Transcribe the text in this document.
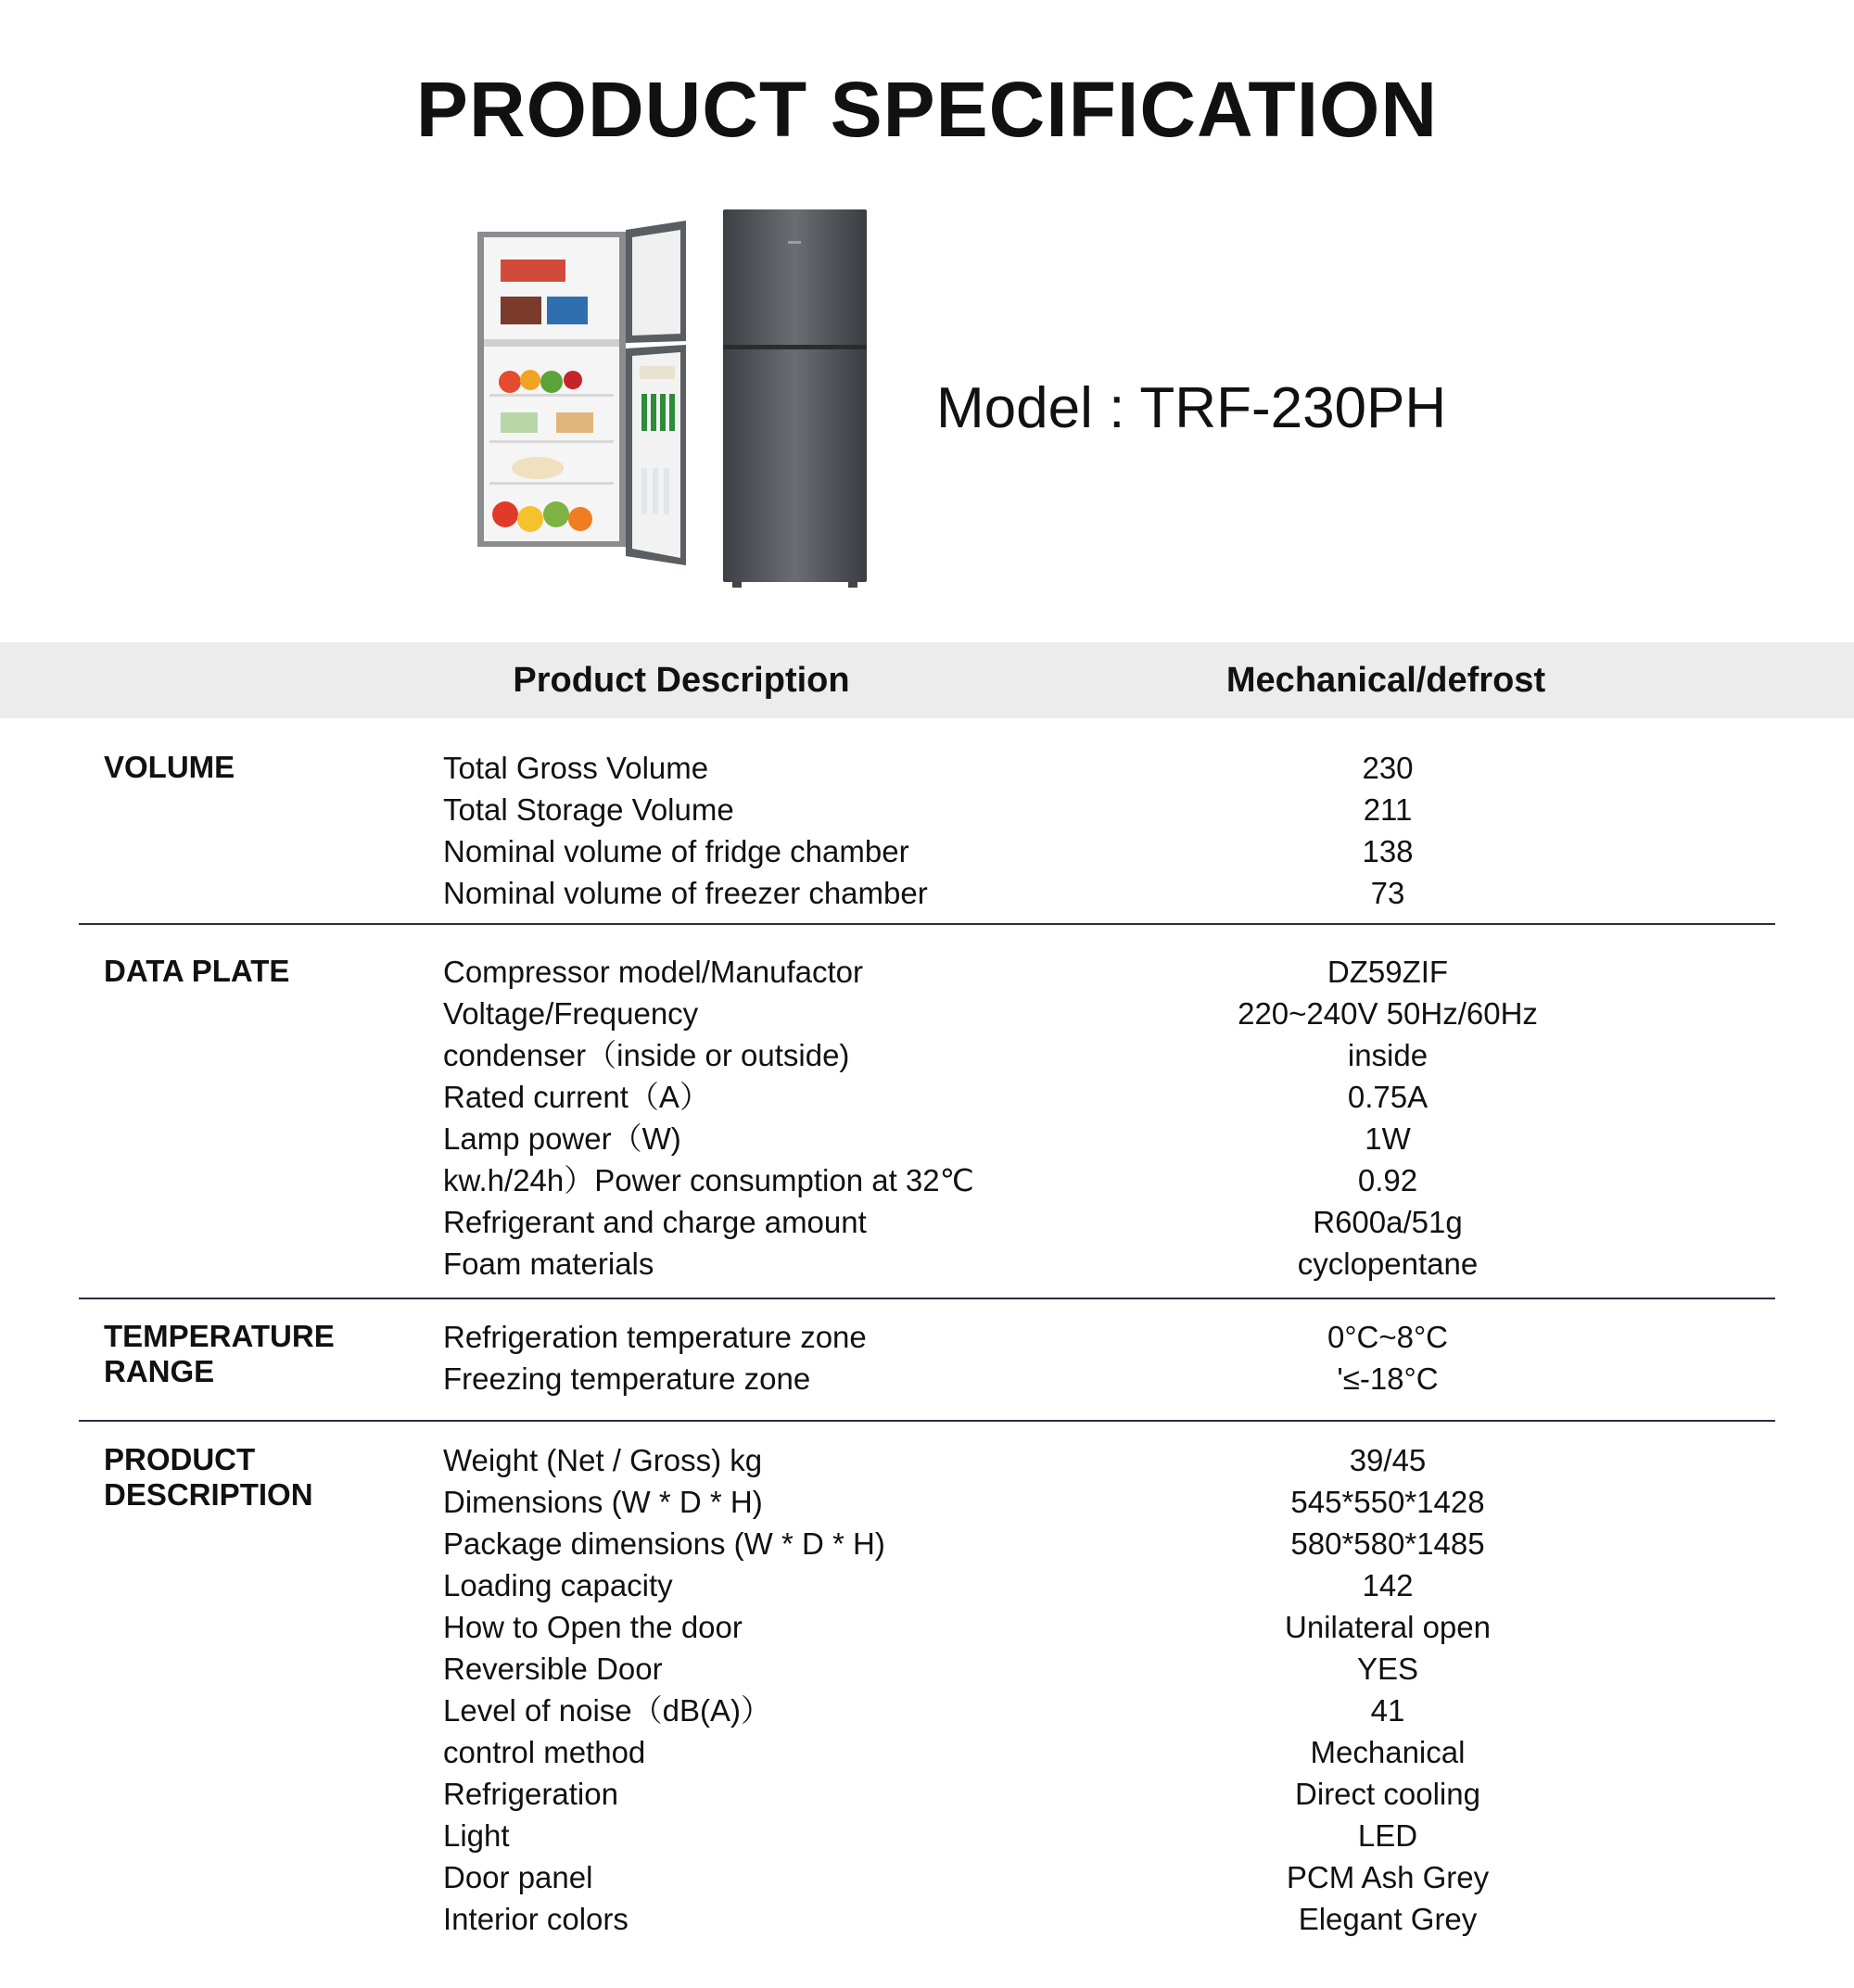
PRODUCT SPECIFICATION
Model : TRF-230PH
Product Description	Mechanical/defrost
VOLUME	Total Gross Volume	230
Total Storage Volume	211
Nominal volume of fridge chamber	138
Nominal volume of freezer chamber	73
DATA PLATE	Compressor model/Manufactor	DZ59ZIF
Voltage/Frequency	220~240V 50Hz/60Hz
condenser（inside or outside)	inside
Rated current（A）	0.75A
Lamp power（W)	1W
kw.h/24h）Power consumption at 32℃	0.92
Refrigerant and charge amount	R600a/51g
Foam materials	cyclopentane
TEMPERATURE
RANGE
Refrigeration temperature zone	0°C~8°C
Freezing temperature zone	'≤-18°C
PRODUCT
DESCRIPTION
Weight (Net / Gross) kg	39/45
Dimensions (W * D * H)	545*550*1428
Package dimensions (W * D * H)	580*580*1485
Loading capacity	142
How to Open the door	Unilateral open
Reversible Door	YES
Level of noise（dB(A)）	41
control method	Mechanical
Refrigeration	Direct cooling
Light	LED
Door panel	PCM Ash Grey
Interior colors	Elegant Grey
